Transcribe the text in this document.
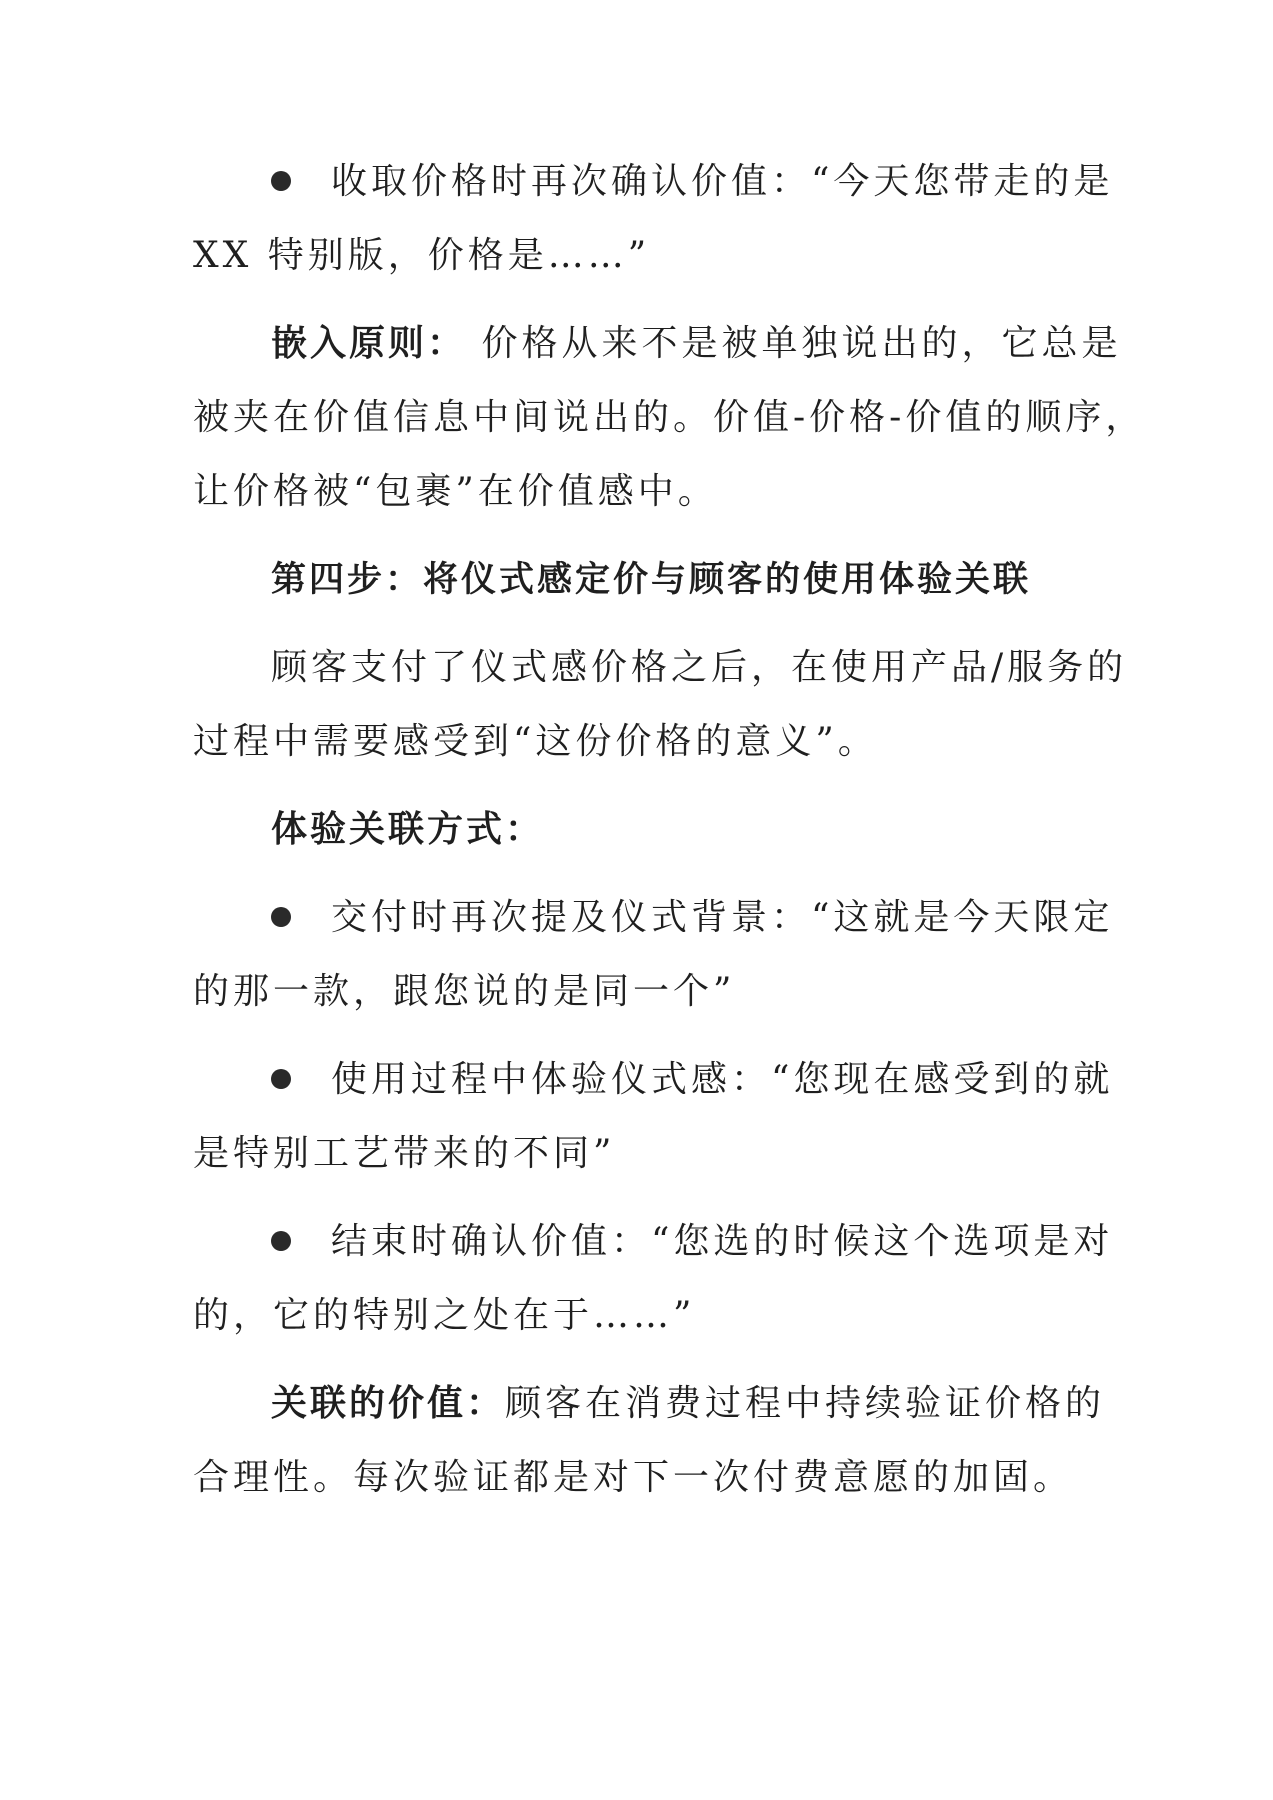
收取价格时再次确认价值：“今天您带走的是
XX 特别版，价格是……”
嵌入原则： 价格从来不是被单独说出的，它总是
被夹在价值信息中间说出的。价值-价格-价值的顺序，
让价格被“包裹”在价值感中。
第四步：将仪式感定价与顾客的使用体验关联
顾客支付了仪式感价格之后，在使用产品/服务的
过程中需要感受到“这份价格的意义”。
体验关联方式：
交付时再次提及仪式背景：“这就是今天限定
的那一款，跟您说的是同一个”
使用过程中体验仪式感：“您现在感受到的就
是特别工艺带来的不同”
结束时确认价值：“您选的时候这个选项是对
的，它的特别之处在于……”
关联的价值：顾客在消费过程中持续验证价格的
合理性。每次验证都是对下一次付费意愿的加固。
